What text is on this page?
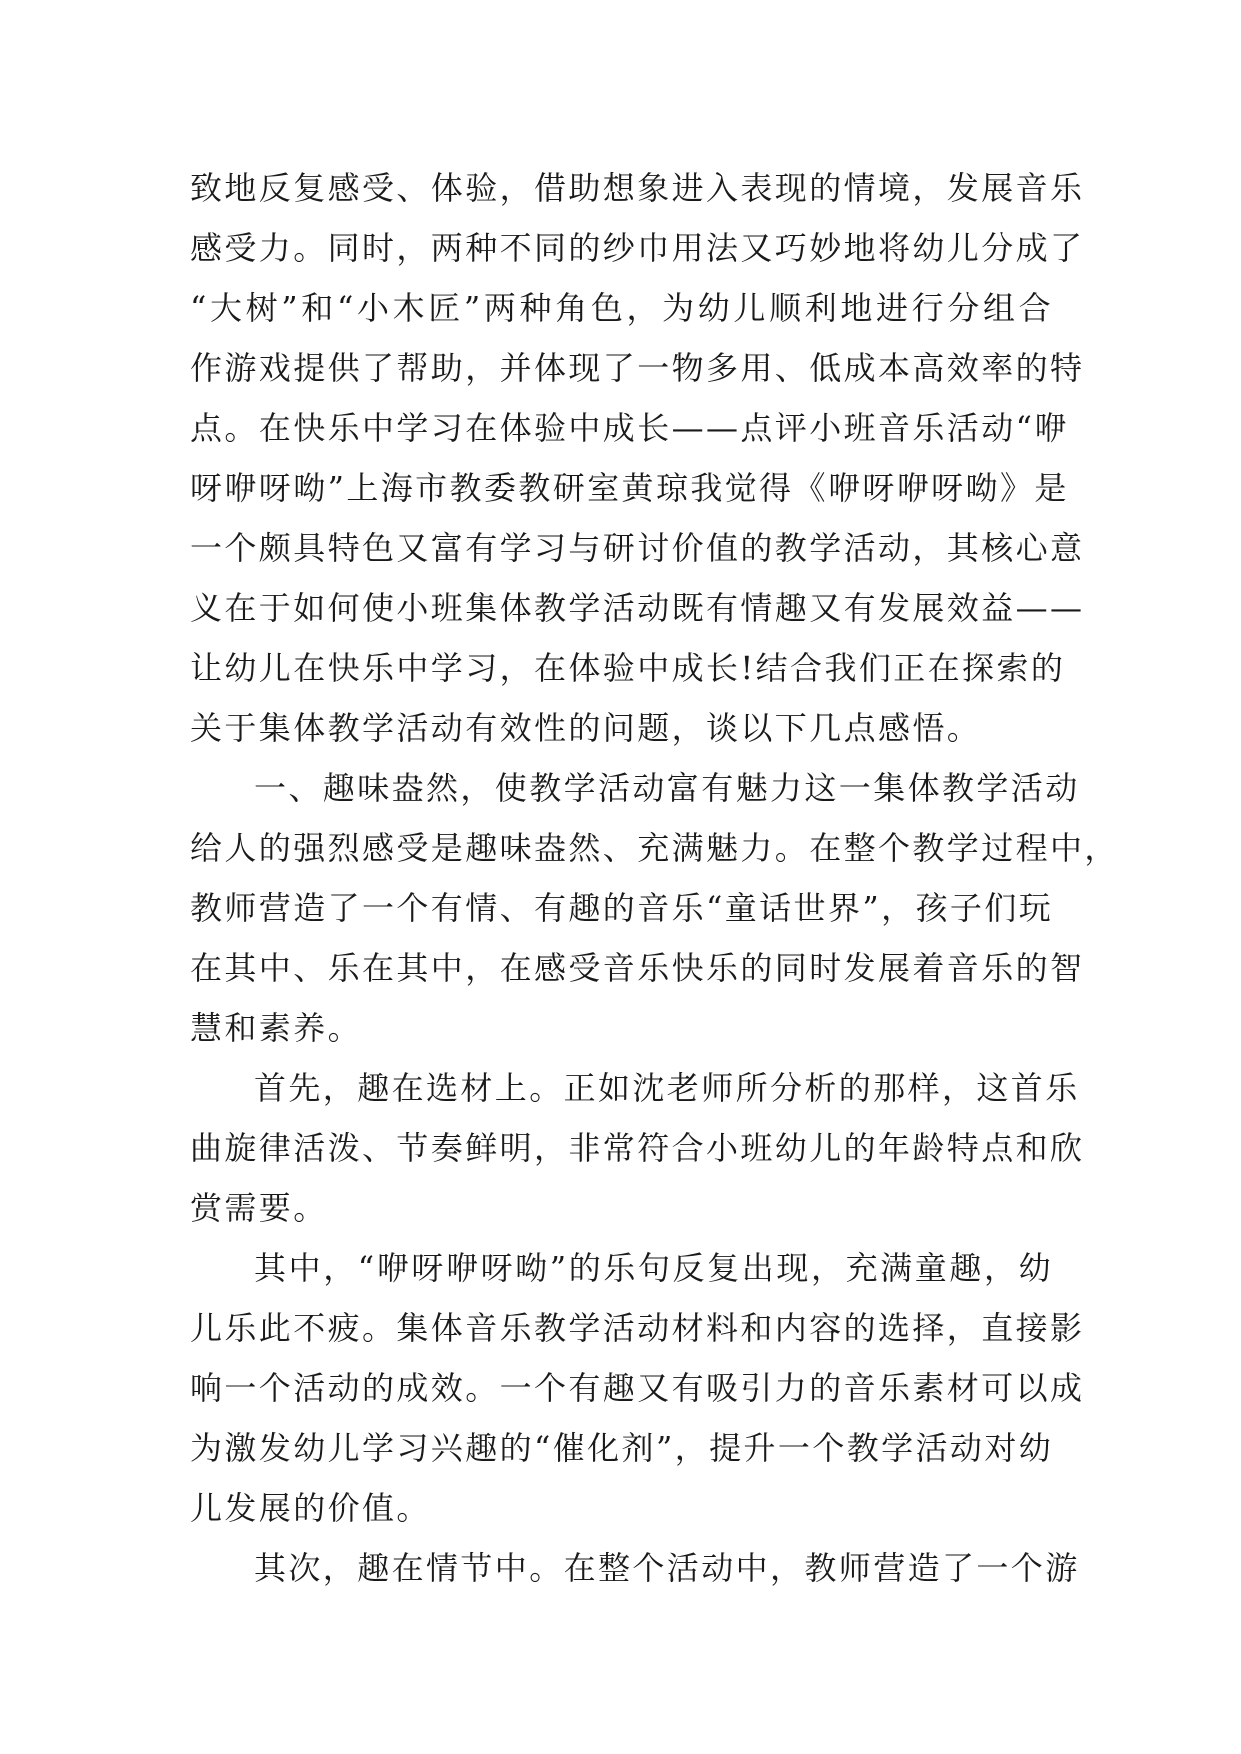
致地反复感受、体验，借助想象进入表现的情境，发展音乐
感受力。同时，两种不同的纱巾用法又巧妙地将幼儿分成了
“大树”和“小木匠”两种角色，为幼儿顺利地进行分组合
作游戏提供了帮助，并体现了一物多用、低成本高效率的特
点。在快乐中学习在体验中成长——点评小班音乐活动“咿
呀咿呀呦”上海市教委教研室黄琼我觉得《咿呀咿呀呦》是
一个颇具特色又富有学习与研讨价值的教学活动，其核心意
义在于如何使小班集体教学活动既有情趣又有发展效益——
让幼儿在快乐中学习，在体验中成长!结合我们正在探索的
关于集体教学活动有效性的问题，谈以下几点感悟。
一、趣味盎然，使教学活动富有魅力这一集体教学活动
给人的强烈感受是趣味盎然、充满魅力。在整个教学过程中，
教师营造了一个有情、有趣的音乐“童话世界”，孩子们玩
在其中、乐在其中，在感受音乐快乐的同时发展着音乐的智
慧和素养。
首先，趣在选材上。正如沈老师所分析的那样，这首乐
曲旋律活泼、节奏鲜明，非常符合小班幼儿的年龄特点和欣
赏需要。
其中，“咿呀咿呀呦”的乐句反复出现，充满童趣，幼
儿乐此不疲。集体音乐教学活动材料和内容的选择，直接影
响一个活动的成效。一个有趣又有吸引力的音乐素材可以成
为激发幼儿学习兴趣的“催化剂”，提升一个教学活动对幼
儿发展的价值。
其次，趣在情节中。在整个活动中，教师营造了一个游
